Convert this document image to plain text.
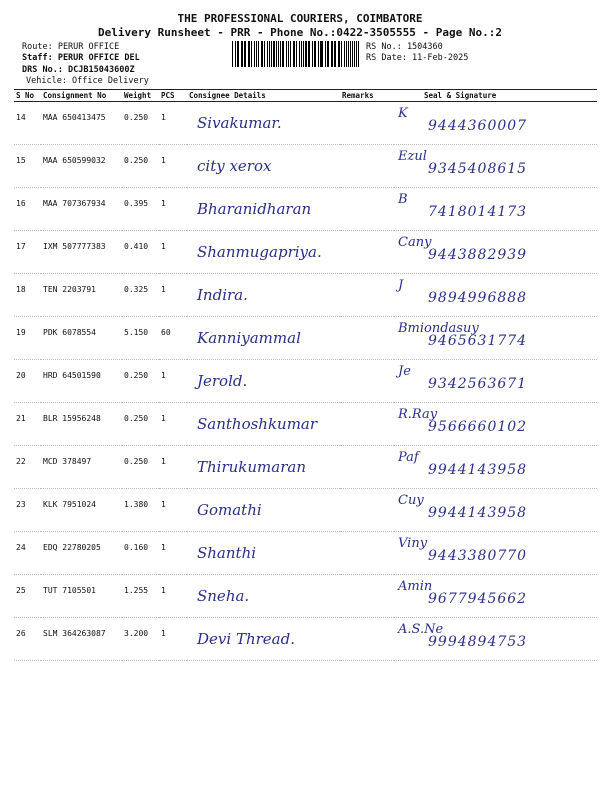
THE PROFESSIONAL COURIERS, COIMBATORE
Delivery Runsheet - PRR - Phone No.:0422-3505555 - Page No.:2
Route: PERUR OFFICE
Staff: PERUR OFFICE DEL
DRS No.: DCJB15043600Z
Vehicle: Office Delivery
RS No.: 1504360
RS Date: 11-Feb-2025
S No	Consignment No	Weight	PCS	Consignee Details	Remarks	Seal & Signature
14	MAA 650413475	0.250	1	Sivakumar.		K
9444360007

15	MAA 650599032	0.250	1	city xerox		Ezul
9345408615

16	MAA 707367934	0.395	1	Bharanidharan		B
7418014173

17	IXM 507777383	0.410	1	Shanmugapriya.		Cany
9443882939

18	TEN 2203791	0.325	1	Indira.		J
9894996888

19	PDK 6078554	5.150	60	Kanniyammal		Bmiondasuy
9465631774

20	HRD 64501590	0.250	1	Jerold.		Je
9342563671

21	BLR 15956248	0.250	1	Santhoshkumar		R.Ray
9566660102

22	MCD 378497	0.250	1	Thirukumaran		Paf
9944143958

23	KLK 7951024	1.380	1	Gomathi		Cuy
9944143958

24	EDQ 22780205	0.160	1	Shanthi		Viny
9443380770

25	TUT 7105501	1.255	1	Sneha.		Amin
9677945662

26	SLM 364263087	3.200	1	Devi Thread.		A.S.Ne
9994894753
